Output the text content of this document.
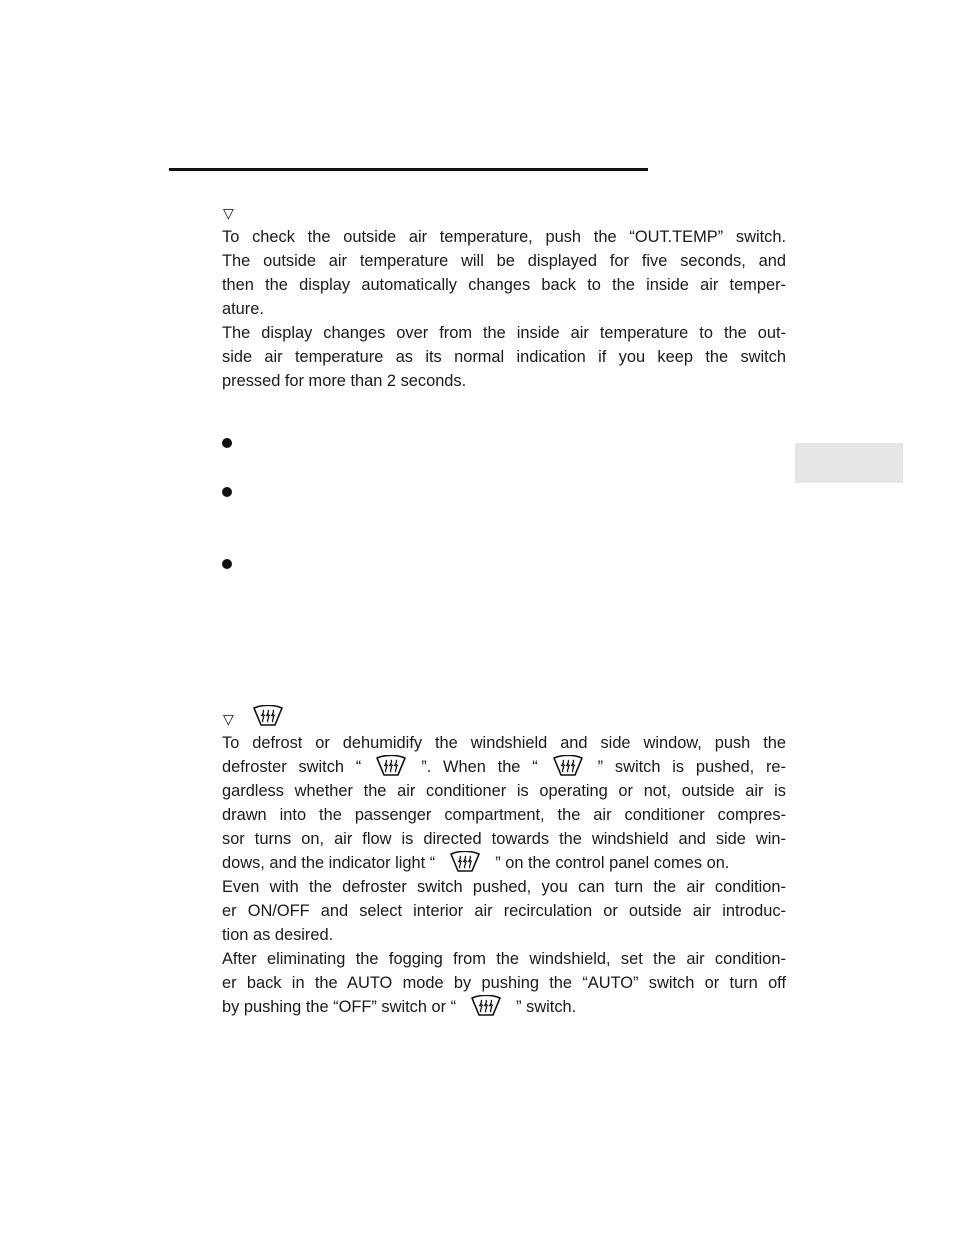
▽
To check the outside air temperature, push the “OUT.TEMP” switch.
The outside air temperature will be displayed for five seconds, and
then the display automatically changes back to the inside air temper-
ature.
The display changes over from the inside air temperature to the out-
side air temperature as its normal indication if you keep the switch
pressed for more than 2 seconds.
▽
To defrost or dehumidify the windshield and side window, push the
defroster switch “	”. When the “	” switch is pushed, re-
gardless whether the air conditioner is operating or not, outside air is
drawn into the passenger compartment, the air conditioner compres-
sor turns on, air flow is directed towards the windshield and side win-
dows, and the indicator light “	” on the control panel comes on.
Even with the defroster switch pushed, you can turn the air condition-
er ON/OFF and select interior air recirculation or outside air introduc-
tion as desired.
After eliminating the fogging from the windshield, set the air condition-
er back in the AUTO mode by pushing the “AUTO” switch or turn off
by pushing the “OFF” switch or “	” switch.
